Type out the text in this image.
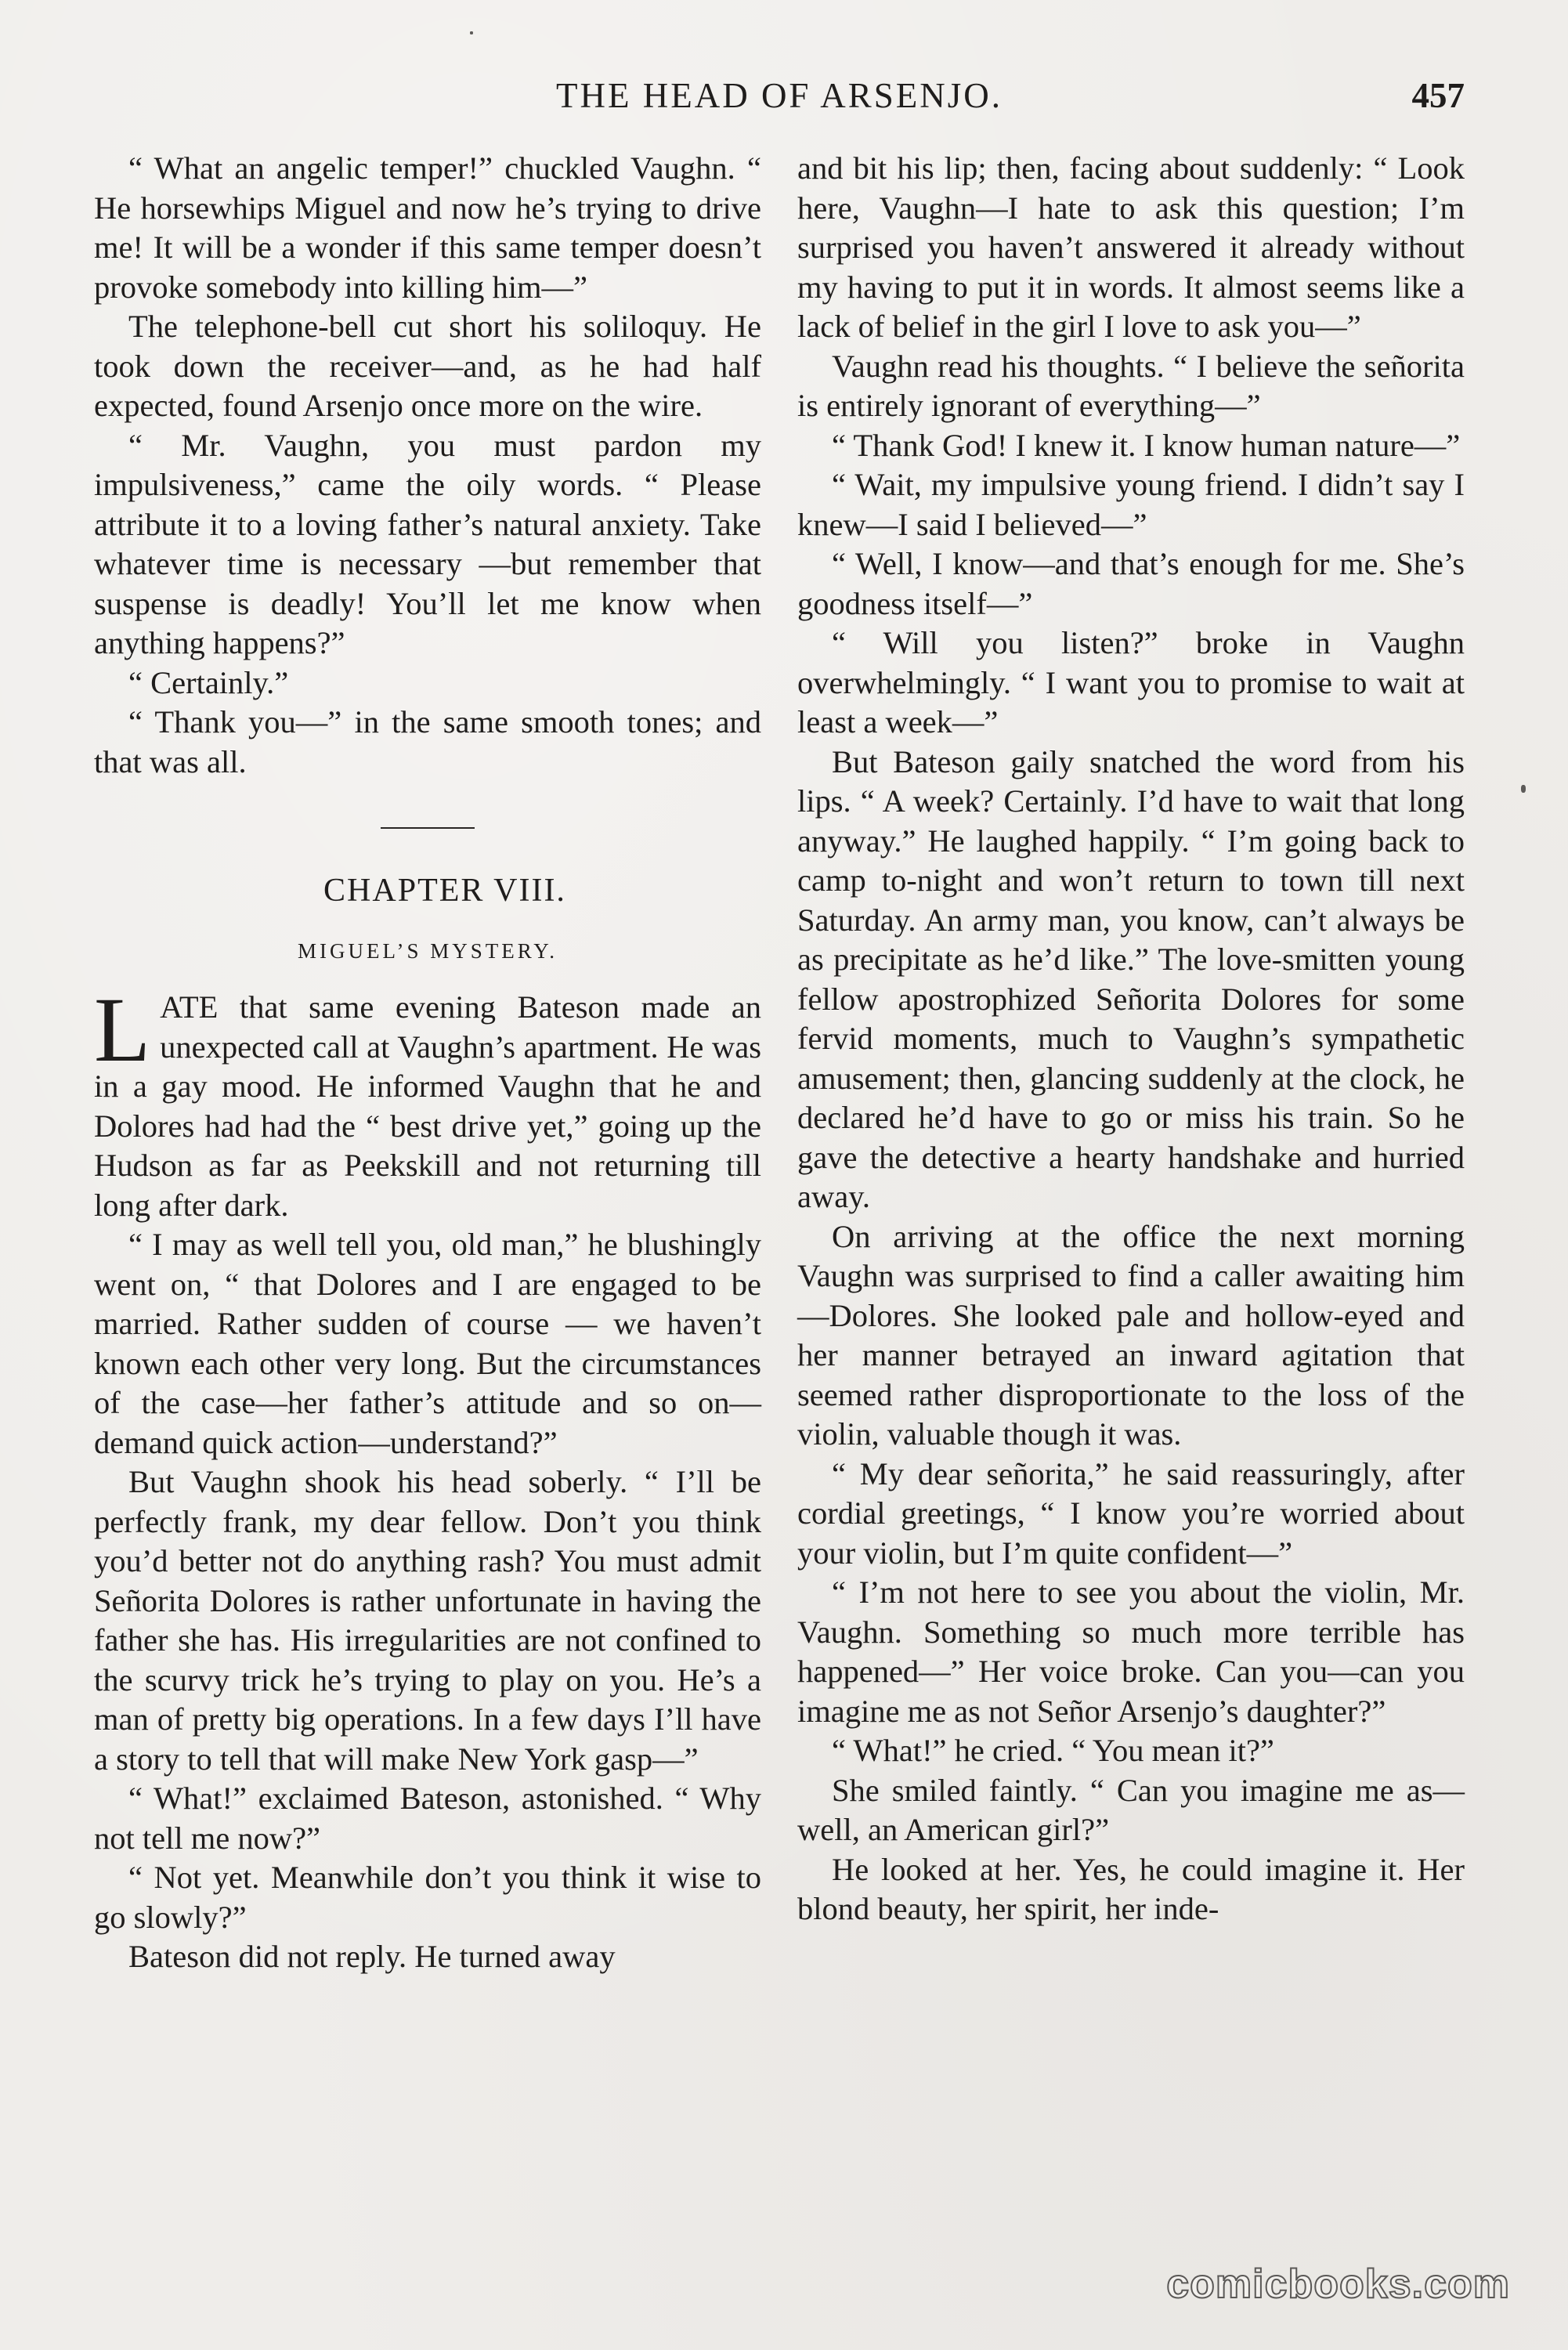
THE HEAD OF ARSENJO.	457

“ What an angelic temper!” chuckled Vaughn. “ He horsewhips Miguel and now he’s trying to drive me! It will be a wonder if this same temper doesn’t provoke somebody into killing him—”

The telephone-bell cut short his soliloquy. He took down the receiver—and, as he had half expected, found Arsenjo once more on the wire.

“ Mr. Vaughn, you must pardon my impulsiveness,” came the oily words. “ Please attribute it to a loving father’s natural anxiety. Take whatever time is necessary —but remember that suspense is deadly! You’ll let me know when anything happens?”

“ Certainly.”

“ Thank you—” in the same smooth tones; and that was all.

CHAPTER VIII.

MIGUEL’S MYSTERY.

LATE that same evening Bateson made an unexpected call at Vaughn’s apartment. He was in a gay mood. He informed Vaughn that he and Dolores had had the “ best drive yet,” going up the Hudson as far as Peekskill and not returning till long after dark.

“ I may as well tell you, old man,” he blushingly went on, “ that Dolores and I are engaged to be married. Rather sudden of course — we haven’t known each other very long. But the circumstances of the case—her father’s attitude and so on— demand quick action—understand?”

But Vaughn shook his head soberly. “ I’ll be perfectly frank, my dear fellow. Don’t you think you’d better not do anything rash? You must admit Señorita Dolores is rather unfortunate in having the father she has. His irregularities are not confined to the scurvy trick he’s trying to play on you. He’s a man of pretty big operations. In a few days I’ll have a story to tell that will make New York gasp—”

“ What!” exclaimed Bateson, astonished. “ Why not tell me now?”

“ Not yet. Meanwhile don’t you think it wise to go slowly?”

Bateson did not reply. He turned away

and bit his lip; then, facing about suddenly: “ Look here, Vaughn—I hate to ask this question; I’m surprised you haven’t answered it already without my having to put it in words. It almost seems like a lack of belief in the girl I love to ask you—”

Vaughn read his thoughts. “ I believe the señorita is entirely ignorant of everything—”

“ Thank God! I knew it. I know human nature—”

“ Wait, my impulsive young friend. I didn’t say I knew—I said I believed—”

“ Well, I know—and that’s enough for me. She’s goodness itself—”

“ Will you listen?” broke in Vaughn overwhelmingly. “ I want you to promise to wait at least a week—”

But Bateson gaily snatched the word from his lips. “ A week? Certainly. I’d have to wait that long anyway.” He laughed happily. “ I’m going back to camp to-night and won’t return to town till next Saturday. An army man, you know, can’t always be as precipitate as he’d like.” The love-smitten young fellow apostrophized Señorita Dolores for some fervid moments, much to Vaughn’s sympathetic amusement; then, glancing suddenly at the clock, he declared he’d have to go or miss his train. So he gave the detective a hearty handshake and hurried away.

On arriving at the office the next morning Vaughn was surprised to find a caller awaiting him—Dolores. She looked pale and hollow-eyed and her manner betrayed an inward agitation that seemed rather disproportionate to the loss of the violin, valuable though it was.

“ My dear señorita,” he said reassuringly, after cordial greetings, “ I know you’re worried about your violin, but I’m quite confident—”

“ I’m not here to see you about the violin, Mr. Vaughn. Something so much more terrible has happened—” Her voice broke. Can you—can you imagine me as not Señor Arsenjo’s daughter?”

“ What!” he cried. “ You mean it?”

She smiled faintly. “ Can you imagine me as—well, an American girl?”

He looked at her. Yes, he could imagine it. Her blond beauty, her spirit, her inde-

comicbooks.com
